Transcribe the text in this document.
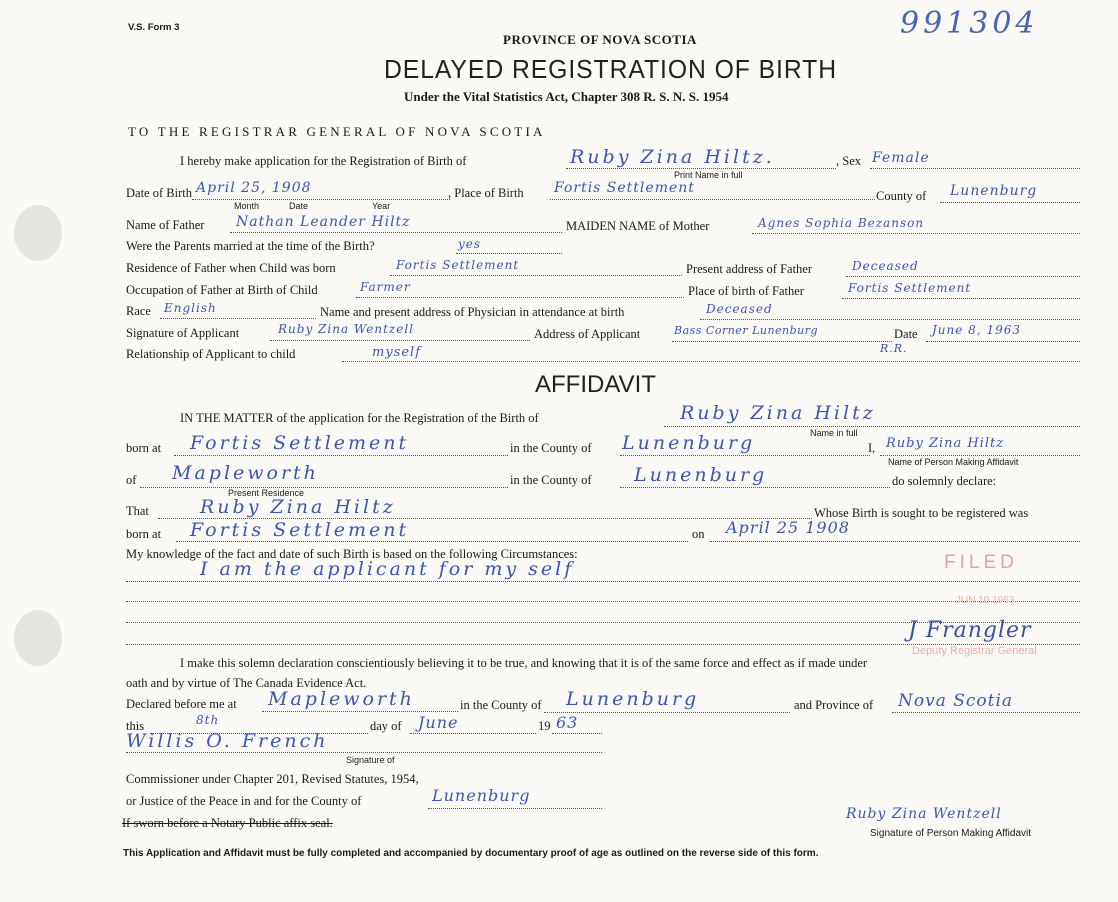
V.S. Form 3	991304
PROVINCE OF NOVA SCOTIA
DELAYED REGISTRATION OF BIRTH
Under the Vital Statistics Act, Chapter 308 R. S. N. S. 1954
TO THE REGISTRAR GENERAL OF NOVA SCOTIA
I hereby make application for the Registration of Birth of	Ruby Zina Hiltz.
Print Name in full
, Sex Female
Date of Birth April 25, 1908
Month	Date	Year
, Place of Birth Fortis Settlement	County of Lunenburg
Name of Father Nathan Leander Hiltz	MAIDEN NAME of Mother	Agnes Sophia Bezanson
Were the Parents married at the time of the Birth?	yes
Residence of Father when Child was born	Fortis Settlement	Present address of Father	Deceased
Occupation of Father at Birth of Child	Farmer	Place of birth of Father	Fortis Settlement
Race English	Name and present address of Physician in attendance at birth	Deceased
Signature of Applicant	Ruby Zina Wentzell	Address of Applicant	Bass Corner Lunenburg	Date June 8, 1963
R.R.
Relationship of Applicant to child	myself
AFFIDAVIT
IN THE MATTER of the application for the Registration of the Birth of	Ruby Zina Hiltz
Name in full
born at Fortis Settlement	in the County of Lunenburg	I, Ruby Zina Hiltz
Name of Person Making Affidavit
of Mapleworth
Present Residence
in the County of Lunenburg	do solemnly declare:
That	Ruby Zina Hiltz	Whose Birth is sought to be registered was
born at Fortis Settlement	on April 25 1908
My knowledge of the fact and date of such Birth is based on the following Circumstances:
I am the applicant for my self	FILED
JUN 10 1963
J Frangler
Deputy Registrar General
I make this solemn declaration conscientiously believing it to be true, and knowing that it is of the same force and effect as if made under
oath and by virtue of The Canada Evidence Act.
Declared before me at Mapleworth	in the County of Lunenburg	and Province of Nova Scotia
this	8th	day of June	19 63
Willis O. French
Signature of
Commissioner under Chapter 201, Revised Statutes, 1954,
or Justice of the Peace in and for the County of	Lunenburg
If sworn before a Notary Public affix seal.
Ruby Zina Wentzell
Signature of Person Making Affidavit
This Application and Affidavit must be fully completed and accompanied by documentary proof of age as outlined on the reverse side of this form.
